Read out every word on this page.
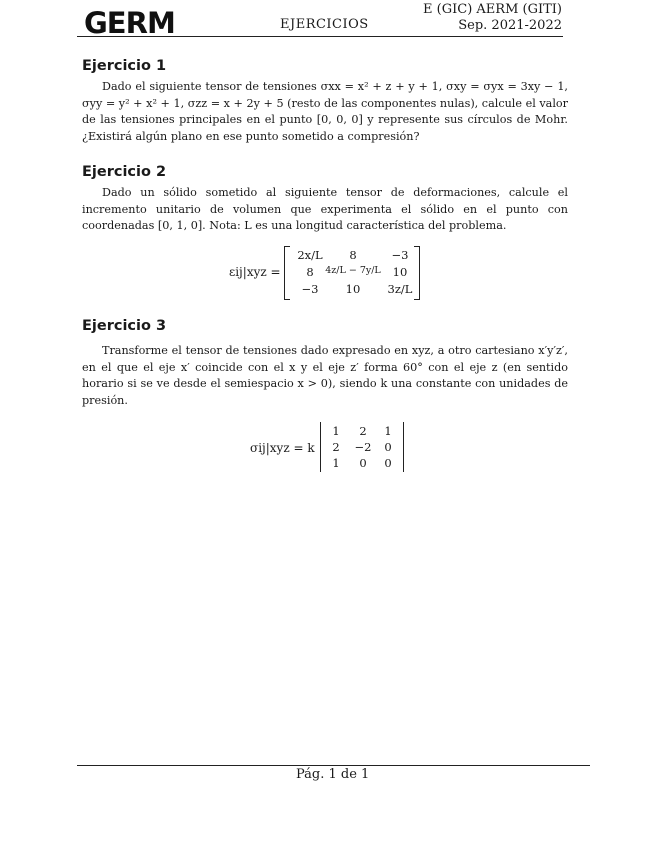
GERM	EJERCICIOS
E (GIC) AERM (GITI)
Sep. 2021-2022
Ejercicio 1
Dado el siguiente tensor de tensiones σxx = x² + z + y + 1, σxy = σyx = 3xy − 1, σyy = y² + x² + 1, σzz = x + 2y + 5 (resto de las componentes nulas), calcule el valor de las tensiones principales en el punto [0, 0, 0] y represente sus círculos de Mohr. ¿Existirá algún plano en ese punto sometido a compresión?
Ejercicio 2
Dado un sólido sometido al siguiente tensor de deformaciones, calcule el incremento unitario de volumen que experimenta el sólido en el punto con coordenadas [0, 1, 0]. Nota: L es una longitud característica del problema.
εij|xyz =
2x/L 8	−3
8 4z/L − 7y/L 10
−3 10 3z/L
Ejercicio 3
Transforme el tensor de tensiones dado expresado en xyz, a otro cartesiano x′y′z′, en el que el eje x′ coincide con el x y el eje z′ forma 60° con el eje z (en sentido horario si se ve desde el semiespacio x > 0), siendo k una constante con unidades de presión.
σij|xyz = k
1 2 1
2 −2 0
1 0 0
Pág. 1 de 1
